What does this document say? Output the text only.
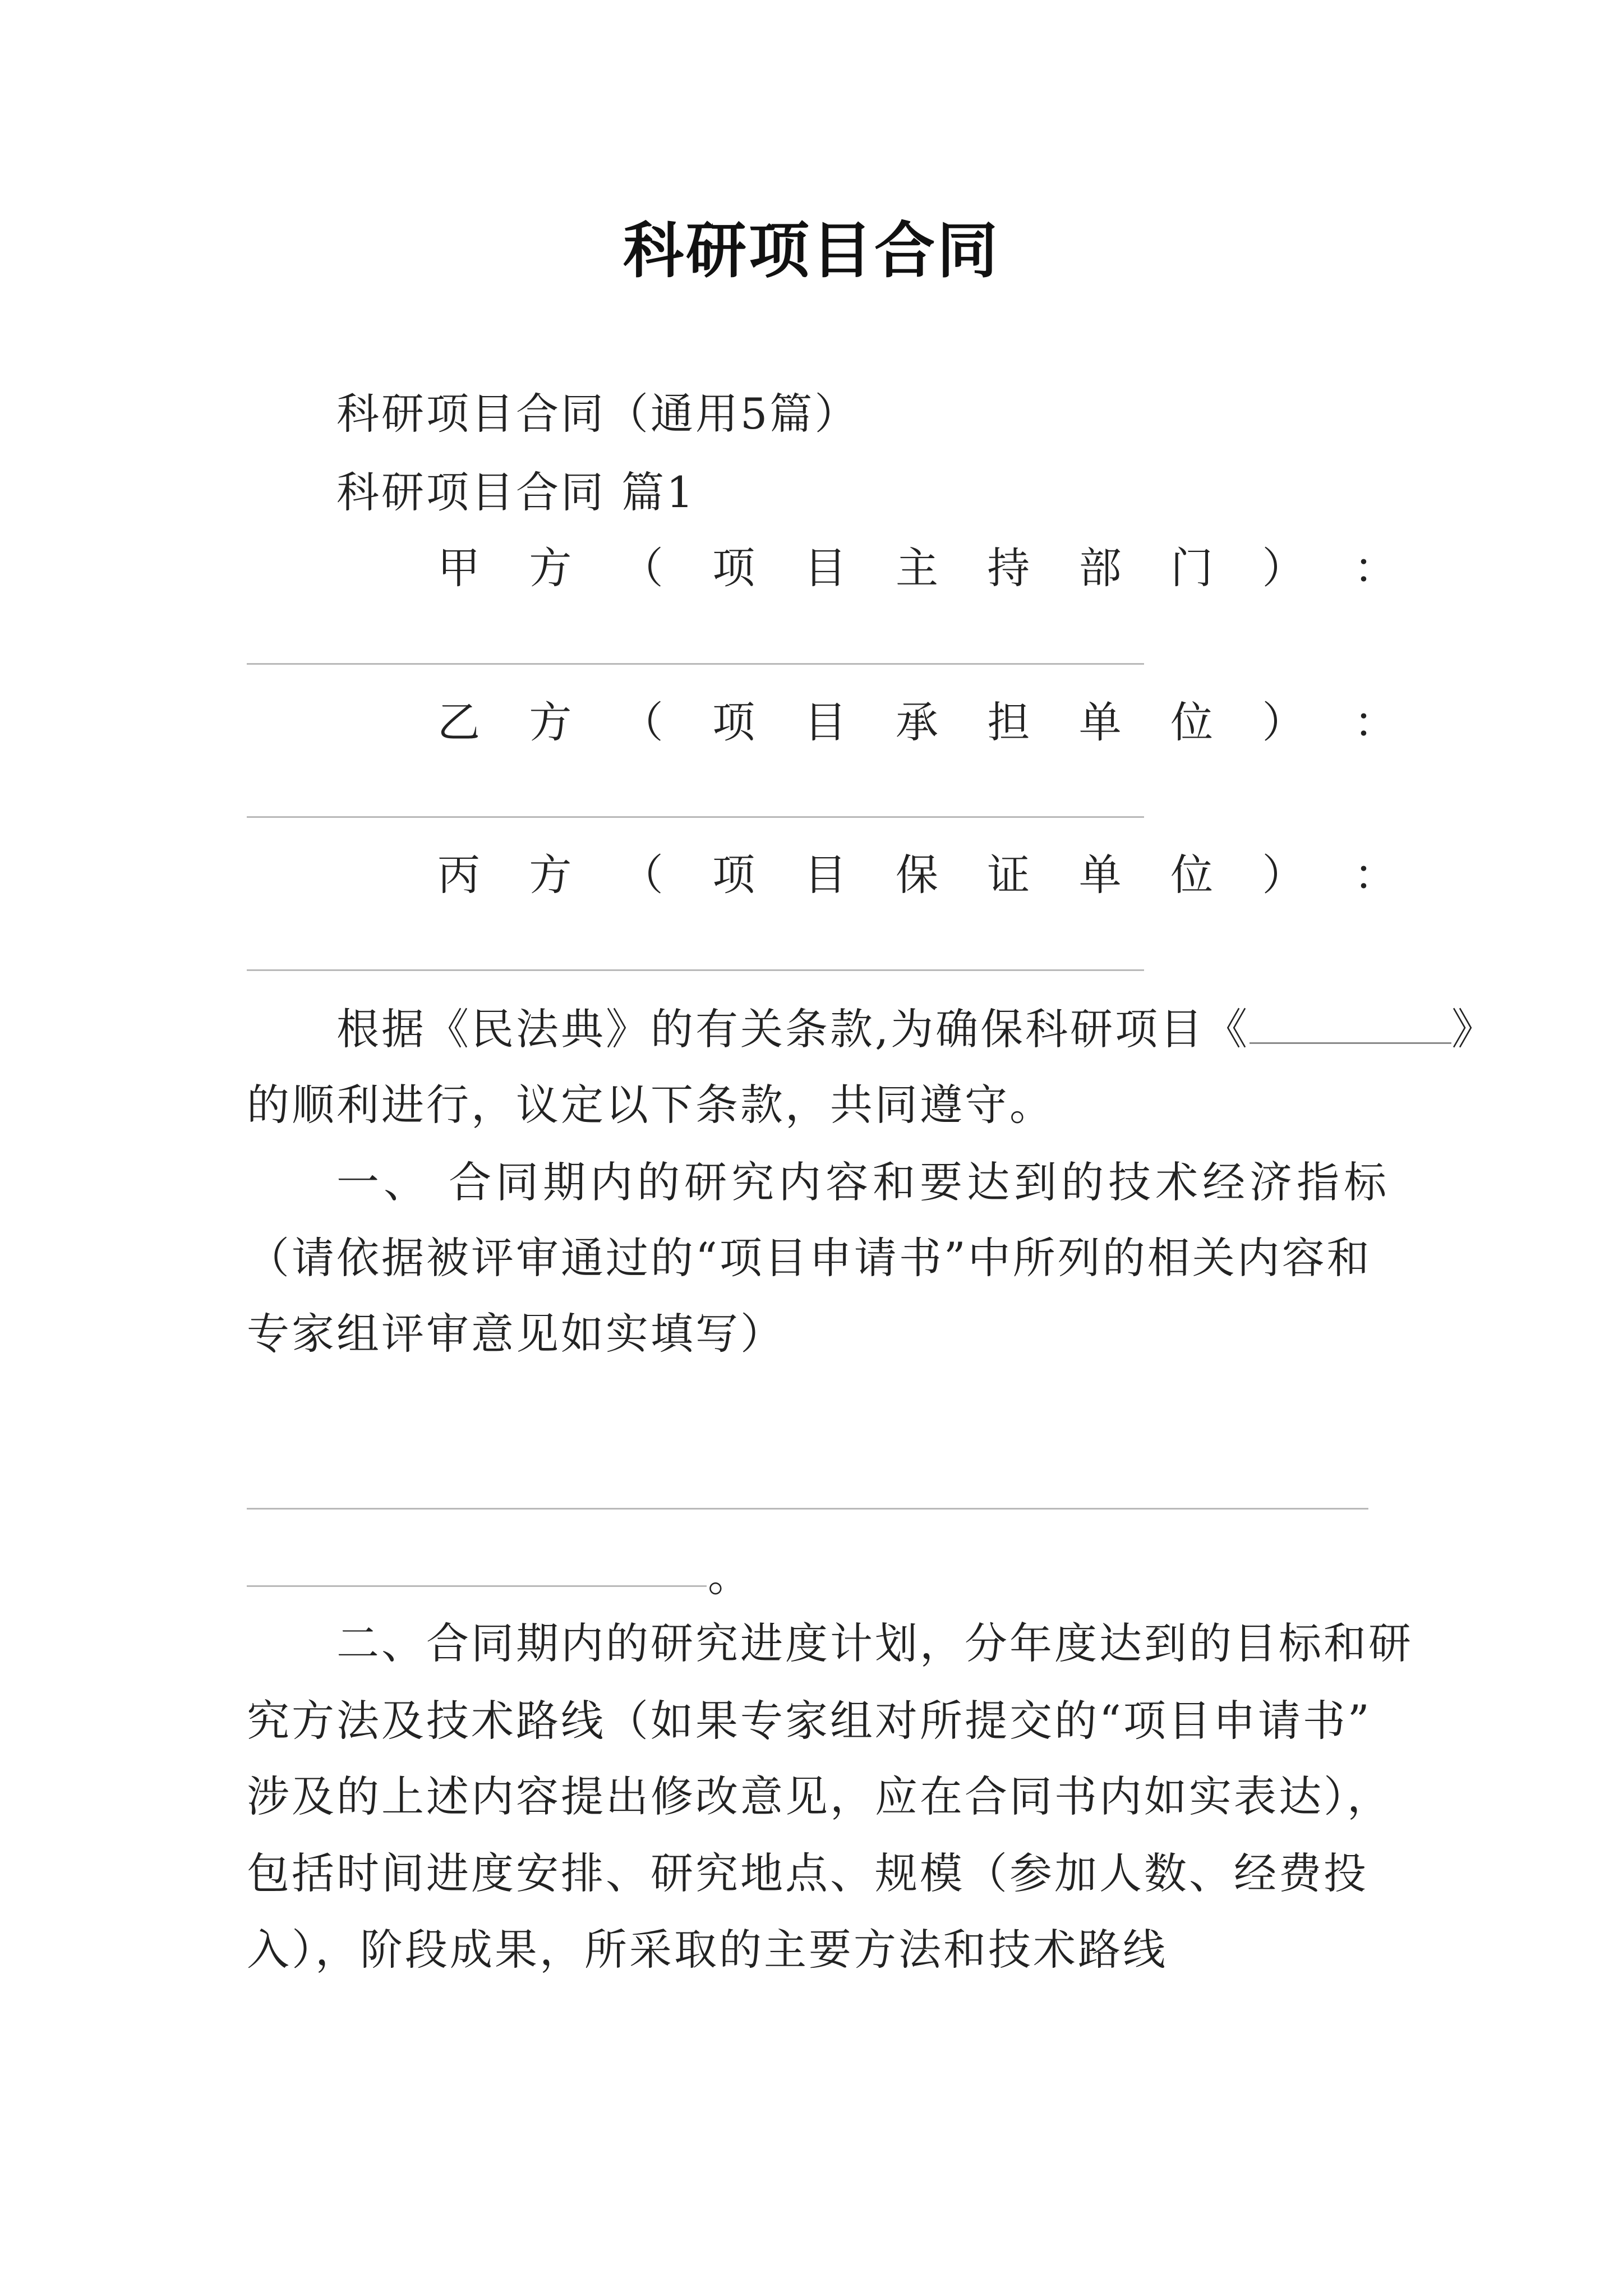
科研项目合同
科研项目合同（通用5篇）
科研项目合同 篇1
甲 方 （ 项 目 主 持 部 门 ） ：
乙 方 （ 项 目 承 担 单 位 ） ：
丙 方 （ 项 目 保 证 单 位 ） ：
根据《民法典》的有关条款,为确保科研项目《	》
的顺利进行，议定以下条款，共同遵守。
一、 合同期内的研究内容和要达到的技术经济指标
（请依据被评审通过的“项目申请书”中所列的相关内容和
专家组评审意见如实填写）
。
二、合同期内的研究进度计划，分年度达到的目标和研
究方法及技术路线（如果专家组对所提交的“项目申请书”
涉及的上述内容提出修改意见，应在合同书内如实表达），
包括时间进度安排、研究地点、规模（参加人数、经费投
入），阶段成果，所采取的主要方法和技术路线
